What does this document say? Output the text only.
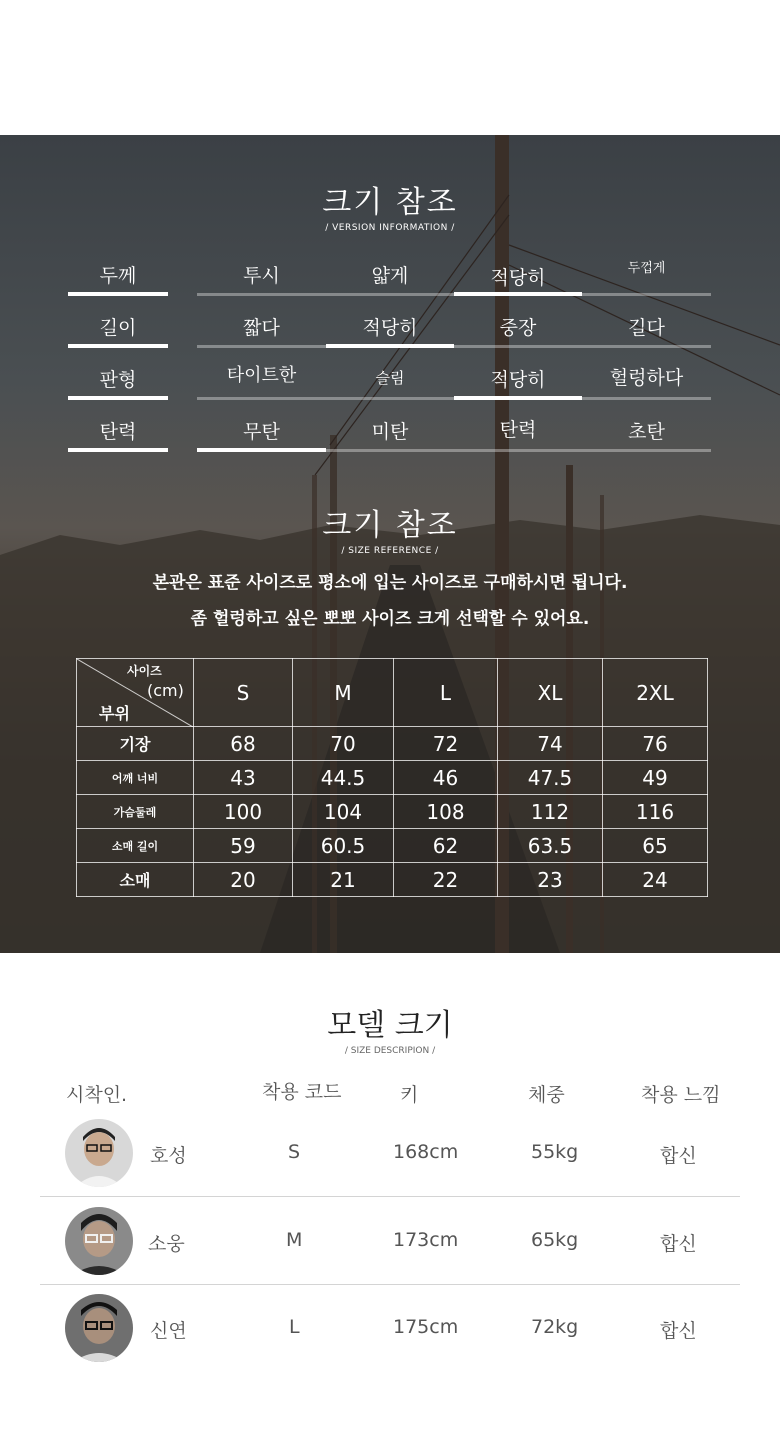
크기 참조
/ VERSION INFORMATION /
두께	투시	얇게	적당히	두껍게
길이	짧다	적당히	중장	길다
판형	타이트한	슬림	적당히	헐렁하다
탄력	무탄	미탄	탄력	초탄
크기 참조
/ SIZE REFERENCE /
본관은 표준 사이즈로 평소에 입는 사이즈로 구매하시면 됩니다.
좀 헐렁하고 싶은 뽀뽀 사이즈 크게 선택할 수 있어요.
사이즈
(cm)
부위	S	M	L	XL	2XL
기장	68	70	72	74	76
어깨 너비	43	44.5	46	47.5	49
가슴둘레	100	104	108	112	116
소매 길이	59	60.5	62	63.5	65
소매	20	21	22	23	24
모델 크기
/ SIZE DESCRIPION /
시착인.	착용 코드	키	체중	착용 느낌
호성	S	168cm	55kg	합신
소웅	M	173cm	65kg	합신
신연	L	175cm	72kg	합신
